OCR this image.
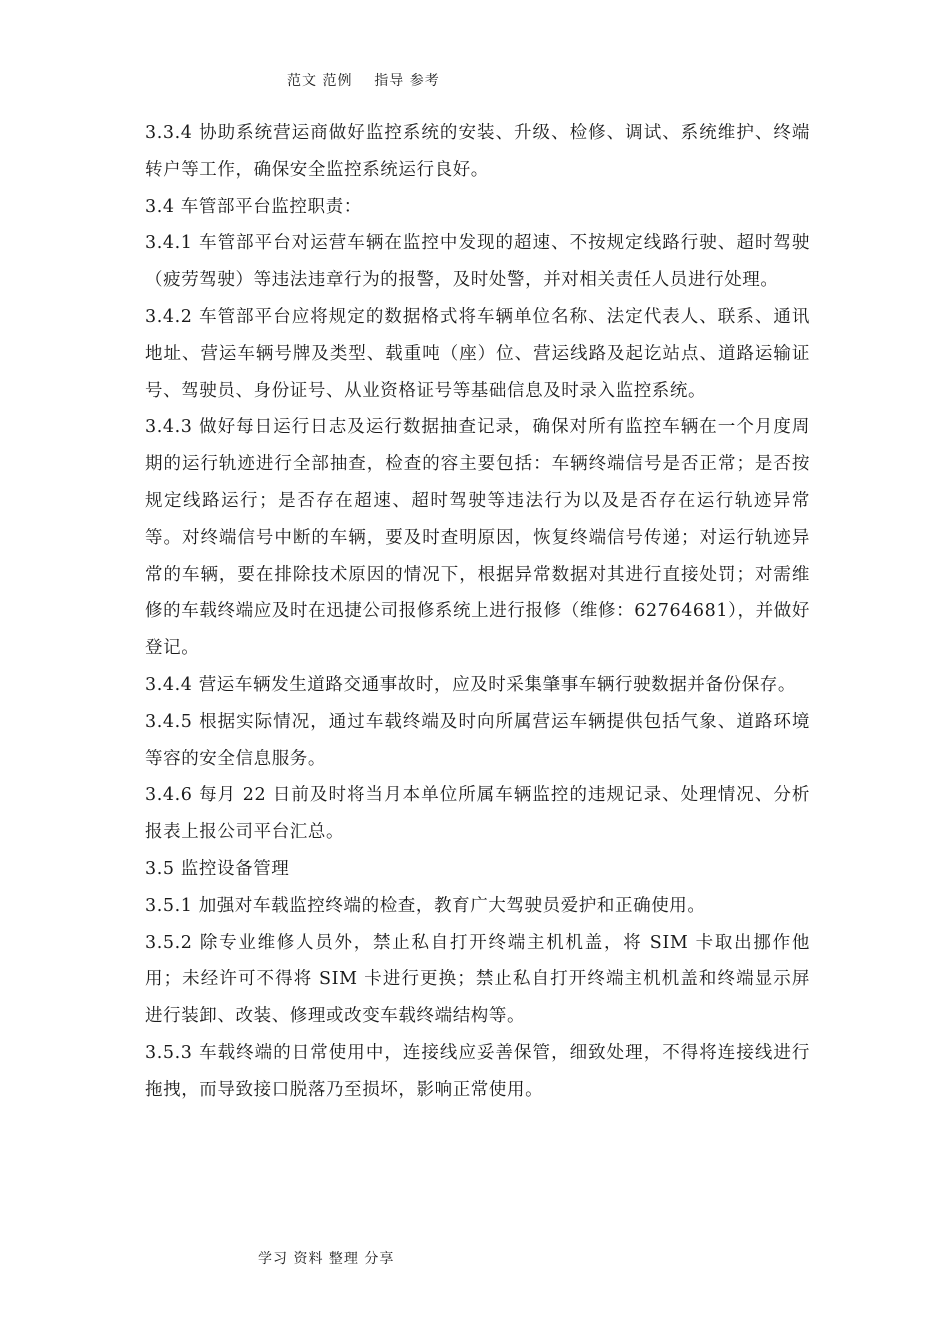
范文 范例    指导 参考

3.3.4 协助系统营运商做好监控系统的安装、升级、检修、调试、系统维护、终端转户等工作，确保安全监控系统运行良好。

3.4 车管部平台监控职责：

3.4.1 车管部平台对运营车辆在监控中发现的超速、不按规定线路行驶、超时驾驶（疲劳驾驶）等违法违章行为的报警，及时处警，并对相关责任人员进行处理。

3.4.2 车管部平台应将规定的数据格式将车辆单位名称、法定代表人、联系、通讯地址、营运车辆号牌及类型、载重吨（座）位、营运线路及起讫站点、道路运输证号、驾驶员、身份证号、从业资格证号等基础信息及时录入监控系统。

3.4.3 做好每日运行日志及运行数据抽查记录，确保对所有监控车辆在一个月度周期的运行轨迹进行全部抽查，检查的容主要包括：车辆终端信号是否正常；是否按规定线路运行；是否存在超速、超时驾驶等违法行为以及是否存在运行轨迹异常等。对终端信号中断的车辆，要及时查明原因，恢复终端信号传递；对运行轨迹异常的车辆，要在排除技术原因的情况下，根据异常数据对其进行直接处罚；对需维修的车载终端应及时在迅捷公司报修系统上进行报修（维修：62764681），并做好登记。

3.4.4 营运车辆发生道路交通事故时，应及时采集肇事车辆行驶数据并备份保存。

3.4.5 根据实际情况，通过车载终端及时向所属营运车辆提供包括气象、道路环境等容的安全信息服务。

3.4.6 每月 22 日前及时将当月本单位所属车辆监控的违规记录、处理情况、分析报表上报公司平台汇总。

3.5 监控设备管理

3.5.1 加强对车载监控终端的检查，教育广大驾驶员爱护和正确使用。

3.5.2 除专业维修人员外，禁止私自打开终端主机机盖，将 SIM 卡取出挪作他用；未经许可不得将 SIM 卡进行更换；禁止私自打开终端主机机盖和终端显示屏进行装卸、改装、修理或改变车载终端结构等。

3.5.3 车载终端的日常使用中，连接线应妥善保管，细致处理，不得将连接线进行拖拽，而导致接口脱落乃至损坏，影响正常使用。

学习 资料 整理 分享
